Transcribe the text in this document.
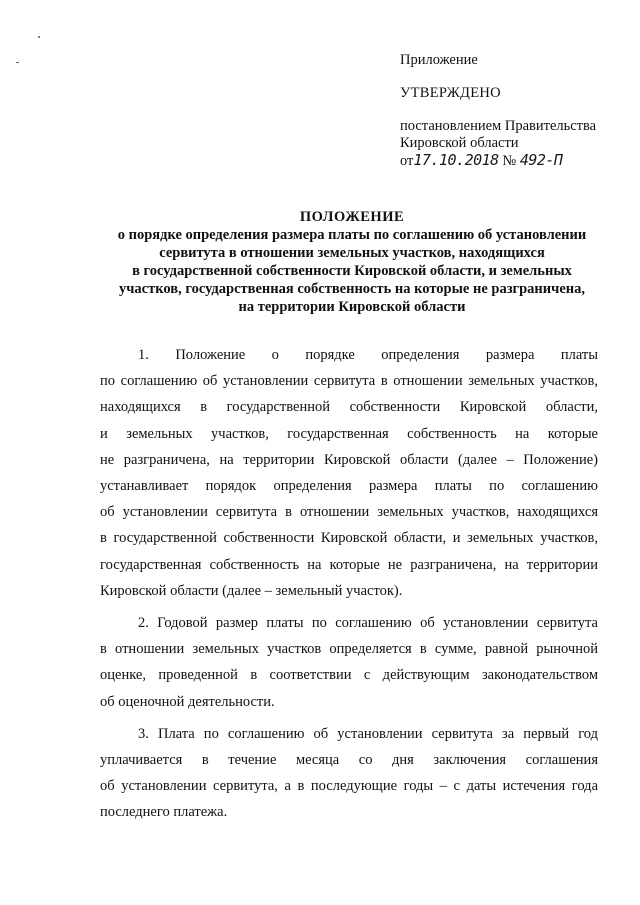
Приложение

УТВЕРЖДЕНО

постановлением Правительства

Кировской области

от17.10.2018 № 492-П

ПОЛОЖЕНИЕ

о порядке определения размера платы по соглашению об установлении

сервитута в отношении земельных участков, находящихся

в государственной собственности Кировской области, и земельных

участков, государственная собственность на которые не разграничена,

на территории Кировской области

1. Положение о порядке определения размера платы
по соглашению об установлении сервитута в отношении земельных участков,
находящихся в государственной собственности Кировской области,
и земельных участков, государственная собственность на которые
не разграничена, на территории Кировской области (далее – Положение)
устанавливает порядок определения размера платы по соглашению
об установлении сервитута в отношении земельных участков, находящихся
в государственной собственности Кировской области, и земельных участков,
государственная собственность на которые не разграничена, на территории
Кировской области (далее – земельный участок).
2. Годовой размер платы по соглашению об установлении сервитута
в отношении земельных участков определяется в сумме, равной рыночной
оценке, проведенной в соответствии с действующим законодательством
об оценочной деятельности.
3. Плата по соглашению об установлении сервитута за первый год
уплачивается в течение месяца со дня заключения соглашения
об установлении сервитута, а в последующие годы – с даты истечения года
последнего платежа.
